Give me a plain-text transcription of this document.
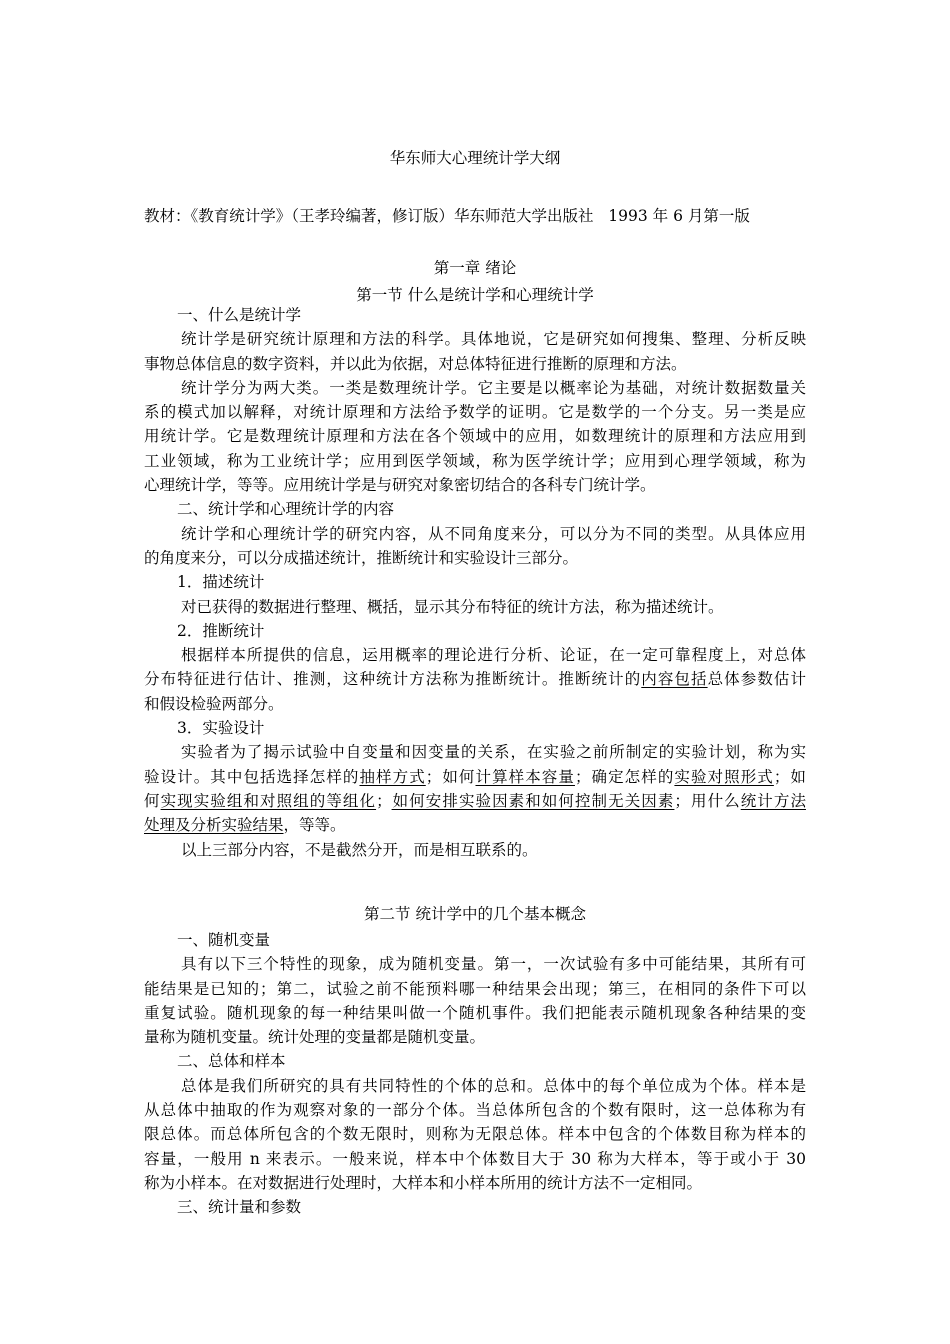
华东师大心理统计学大纲
教材：《教育统计学》（王孝玲编著，修订版）华东师范大学出版社   1993 年 6 月第一版
第一章 绪论
第一节 什么是统计学和心理统计学
一、什么是统计学
统计学是研究统计原理和方法的科学。具体地说，它是研究如何搜集、整理、分析反映
事物总体信息的数字资料，并以此为依据，对总体特征进行推断的原理和方法。
统计学分为两大类。一类是数理统计学。它主要是以概率论为基础，对统计数据数量关
系的模式加以解释，对统计原理和方法给予数学的证明。它是数学的一个分支。另一类是应
用统计学。它是数理统计原理和方法在各个领域中的应用，如数理统计的原理和方法应用到
工业领域，称为工业统计学；应用到医学领域，称为医学统计学；应用到心理学领域，称为
心理统计学，等等。应用统计学是与研究对象密切结合的各科专门统计学。
二、统计学和心理统计学的内容
统计学和心理统计学的研究内容，从不同角度来分，可以分为不同的类型。从具体应用
的角度来分，可以分成描述统计，推断统计和实验设计三部分。
1．描述统计
对已获得的数据进行整理、概括，显示其分布特征的统计方法，称为描述统计。
2．推断统计
根据样本所提供的信息，运用概率的理论进行分析、论证，在一定可靠程度上，对总体
分布特征进行估计、推测，这种统计方法称为推断统计。推断统计的内容包括总体参数估计
和假设检验两部分。
3．实验设计
实验者为了揭示试验中自变量和因变量的关系，在实验之前所制定的实验计划，称为实
验设计。其中包括选择怎样的抽样方式；如何计算样本容量；确定怎样的实验对照形式；如
何实现实验组和对照组的等组化；如何安排实验因素和如何控制无关因素；用什么统计方法
处理及分析实验结果，等等。
以上三部分内容，不是截然分开，而是相互联系的。
第二节 统计学中的几个基本概念
一、随机变量
具有以下三个特性的现象，成为随机变量。第一，一次试验有多中可能结果，其所有可
能结果是已知的；第二，试验之前不能预料哪一种结果会出现；第三，在相同的条件下可以
重复试验。随机现象的每一种结果叫做一个随机事件。我们把能表示随机现象各种结果的变
量称为随机变量。统计处理的变量都是随机变量。
二、总体和样本
总体是我们所研究的具有共同特性的个体的总和。总体中的每个单位成为个体。样本是
从总体中抽取的作为观察对象的一部分个体。当总体所包含的个数有限时，这一总体称为有
限总体。而总体所包含的个数无限时，则称为无限总体。样本中包含的个体数目称为样本的
容量，一般用 n 来表示。一般来说，样本中个体数目大于 30 称为大样本，等于或小于 30
称为小样本。在对数据进行处理时，大样本和小样本所用的统计方法不一定相同。
三、统计量和参数
